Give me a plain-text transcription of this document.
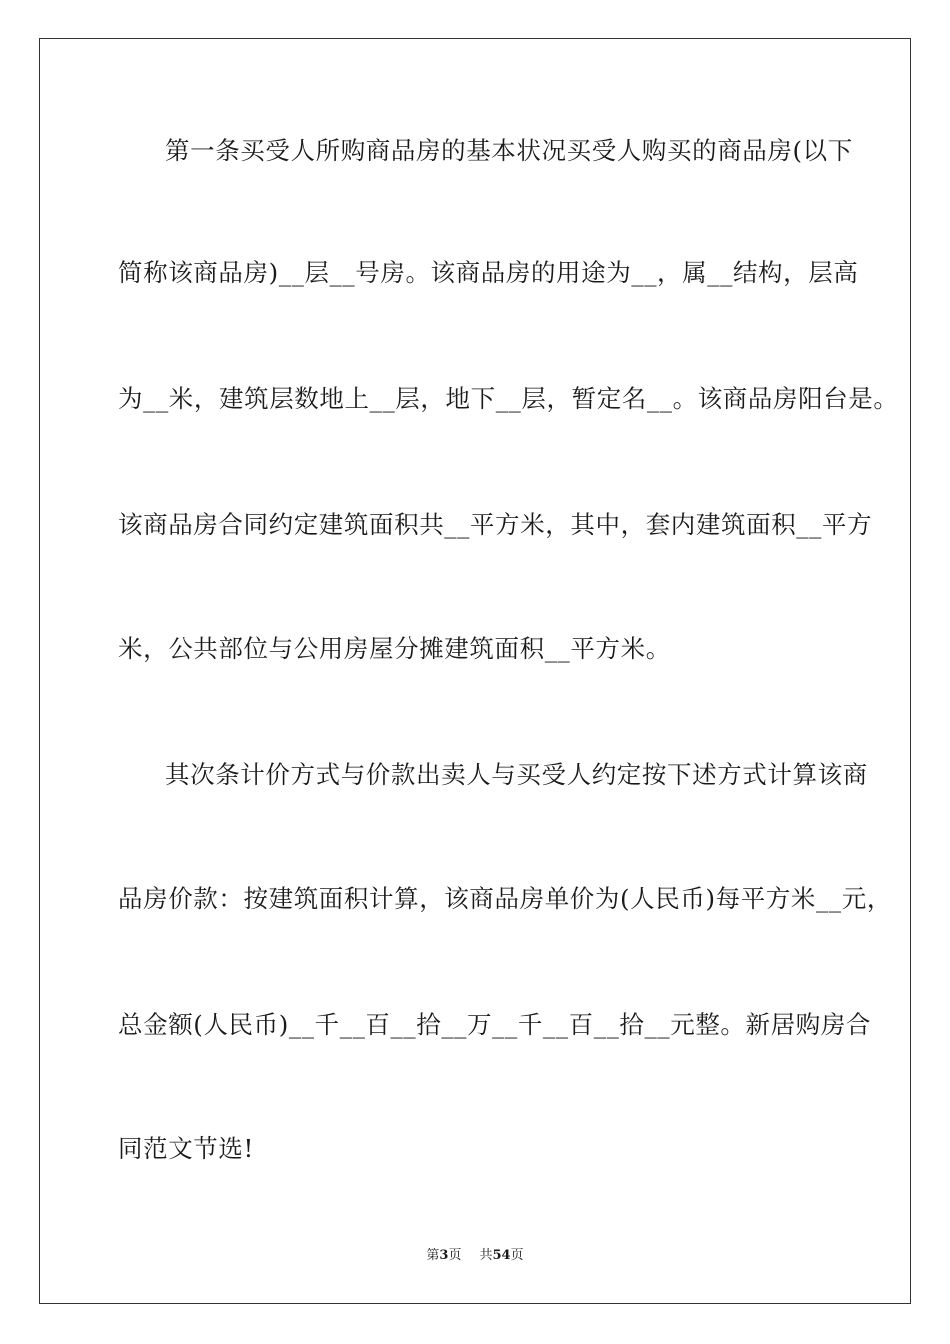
第一条买受人所购商品房的基本状况买受人购买的商品房(以下
简称该商品房)__层__号房。该商品房的用途为__，属__结构，层高
为__米，建筑层数地上__层，地下__层，暂定名__。该商品房阳台是。
该商品房合同约定建筑面积共__平方米，其中，套内建筑面积__平方
米，公共部位与公用房屋分摊建筑面积__平方米。
其次条计价方式与价款出卖人与买受人约定按下述方式计算该商
品房价款：按建筑面积计算，该商品房单价为(人民币)每平方米__元，
总金额(人民币)__千__百__拾__万__千__百__拾__元整。新居购房合
同范文节选!
第3页 共54页
